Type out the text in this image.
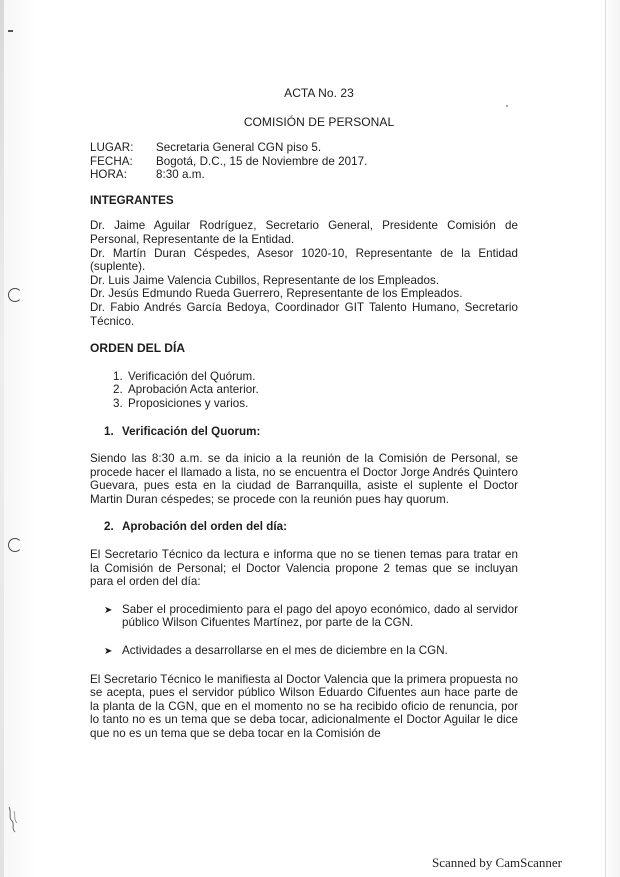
ACTA No. 23

COMISIÓN DE PERSONAL

LUGAR:	Secretaria General CGN piso 5.
FECHA:	Bogotá, D.C., 15 de Noviembre de 2017.
HORA:	8:30 a.m.

INTEGRANTES

Dr. Jaime Aguilar Rodríguez, Secretario General, Presidente Comisión de Personal, Representante de la Entidad.
Dr. Martín Duran Céspedes, Asesor 1020-10, Representante de la Entidad (suplente).
Dr. Luis Jaime Valencia Cubillos, Representante de los Empleados.
Dr. Jesús Edmundo Rueda Guerrero, Representante de los Empleados.
Dr. Fabio Andrés García Bedoya, Coordinador GIT Talento Humano, Secretario Técnico.

ORDEN DEL DÍA

1. Verificación del Quórum.
2. Aprobación Acta anterior.
3. Proposiciones y varios.

1. Verificación del Quorum:

Siendo las 8:30 a.m. se da inicio a la reunión de la Comisión de Personal, se procede hacer el llamado a lista, no se encuentra el Doctor Jorge Andrés Quintero Guevara, pues esta en la ciudad de Barranquilla, asiste el suplente el Doctor Martin Duran céspedes; se procede con la reunión pues hay quorum.

2. Aprobación del orden del día:

El Secretario Técnico da lectura e informa que no se tienen temas para tratar en la Comisión de Personal; el Doctor Valencia propone 2 temas que se incluyan para el orden del día:

➤ Saber el procedimiento para el pago del apoyo económico, dado al servidor público Wilson Cifuentes Martínez, por parte de la CGN.
➤ Actividades a desarrollarse en el mes de diciembre en la CGN.

El Secretario Técnico le manifiesta al Doctor Valencia que la primera propuesta no se acepta, pues el servidor público Wilson Eduardo Cifuentes aun hace parte de la planta de la CGN, que en el momento no se ha recibido oficio de renuncia, por lo tanto no es un tema que se deba tocar, adicionalmente el Doctor Aguilar le dice que no es un tema que se deba tocar en la Comisión de

Scanned by CamScanner
